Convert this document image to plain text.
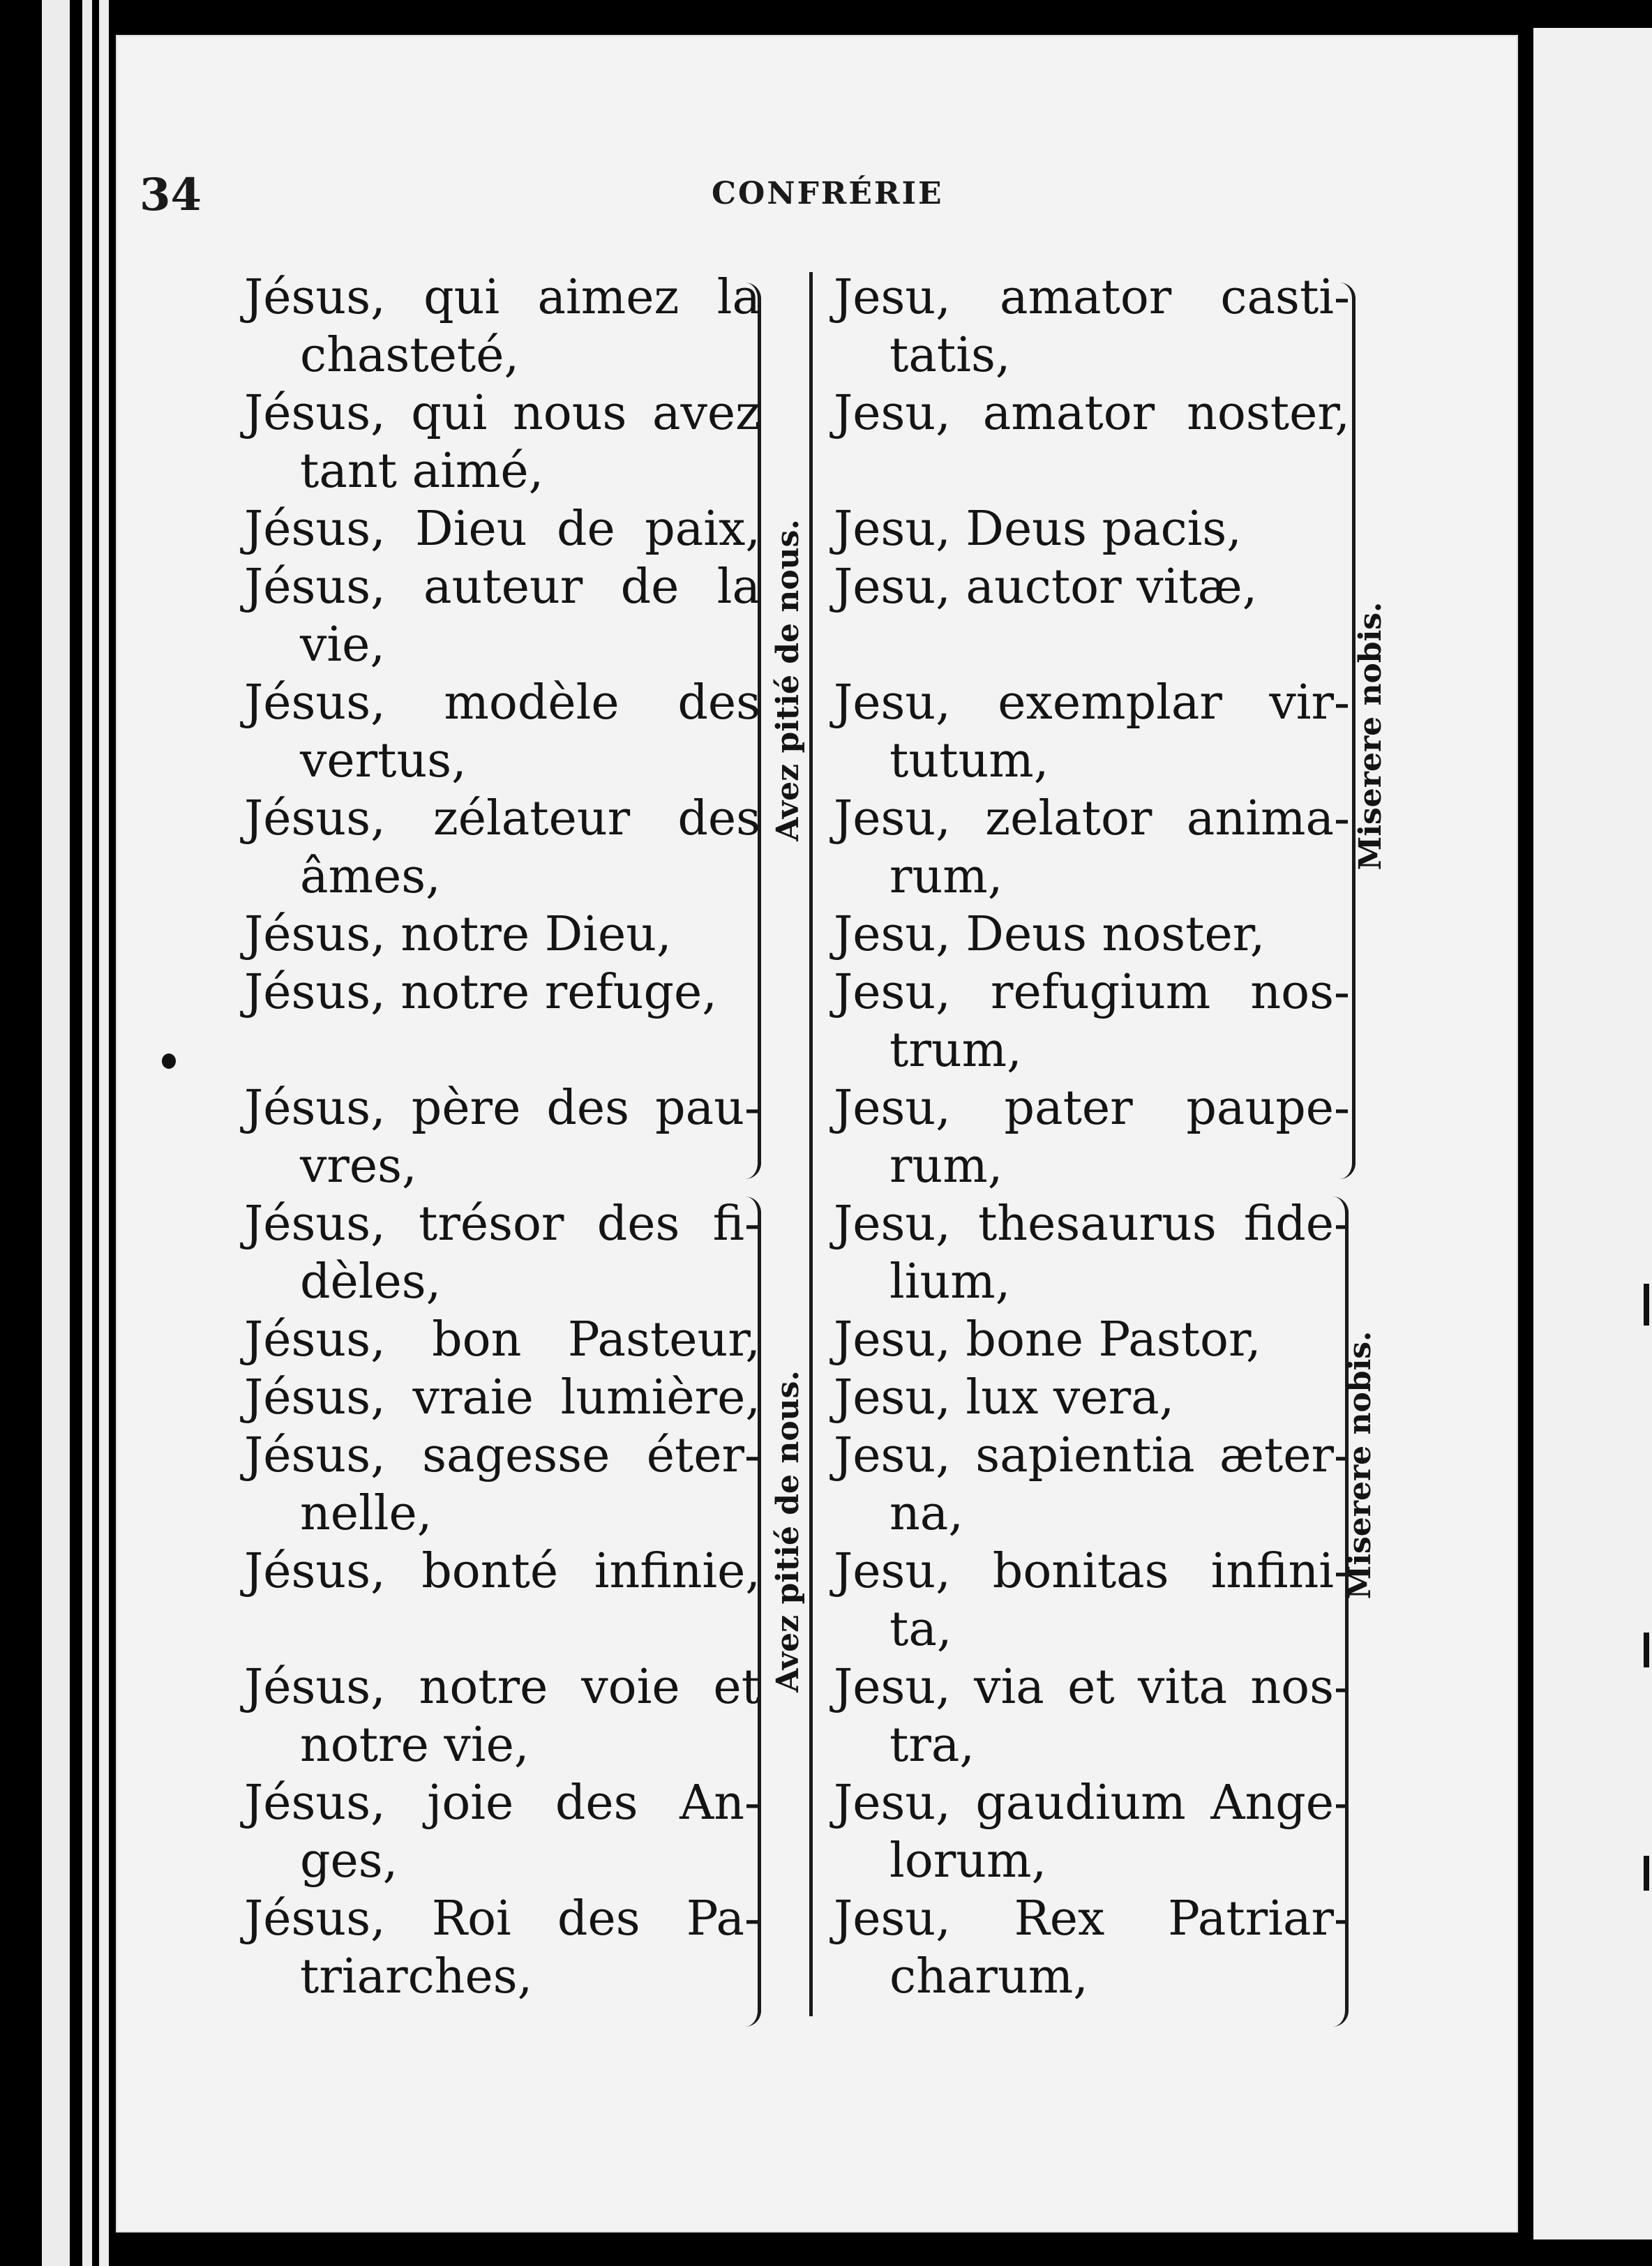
34	CONFRÉRIE
Jésus, qui aimez la
chasteté,
Jésus, qui nous avez
tant aimé,
Jésus, Dieu de paix,
Jésus, auteur de la
vie,
Jésus, modèle des
vertus,
Jésus, zélateur des
âmes,
Jésus, notre Dieu,
Jésus, notre refuge,
Jésus, père des pau-
vres,
Jésus, trésor des fi-
dèles,
Jésus, bon Pasteur,
Jésus, vraie lumière,
Jésus, sagesse éter-
nelle,
Jésus, bonté infinie,
Jésus, notre voie et
notre vie,
Jésus, joie des An-
ges,
Jésus, Roi des Pa-
triarches,
Avez pitié de nous.
Avez pitié de nous.
Jesu, amator casti-
tatis,
Jesu, amator noster,
Jesu, Deus pacis,
Jesu, auctor vitæ,
Jesu, exemplar vir-
tutum,
Jesu, zelator anima-
rum,
Jesu, Deus noster,
Jesu, refugium nos-
trum,
Jesu, pater paupe-
rum,
Jesu, thesaurus fide-
lium,
Jesu, bone Pastor,
Jesu, lux vera,
Jesu, sapientia æter-
na,
Jesu, bonitas infini-
ta,
Jesu, via et vita nos-
tra,
Jesu, gaudium Ange-
lorum,
Jesu, Rex Patriar-
charum,
Miserere nobis.
Miserere nobis.
